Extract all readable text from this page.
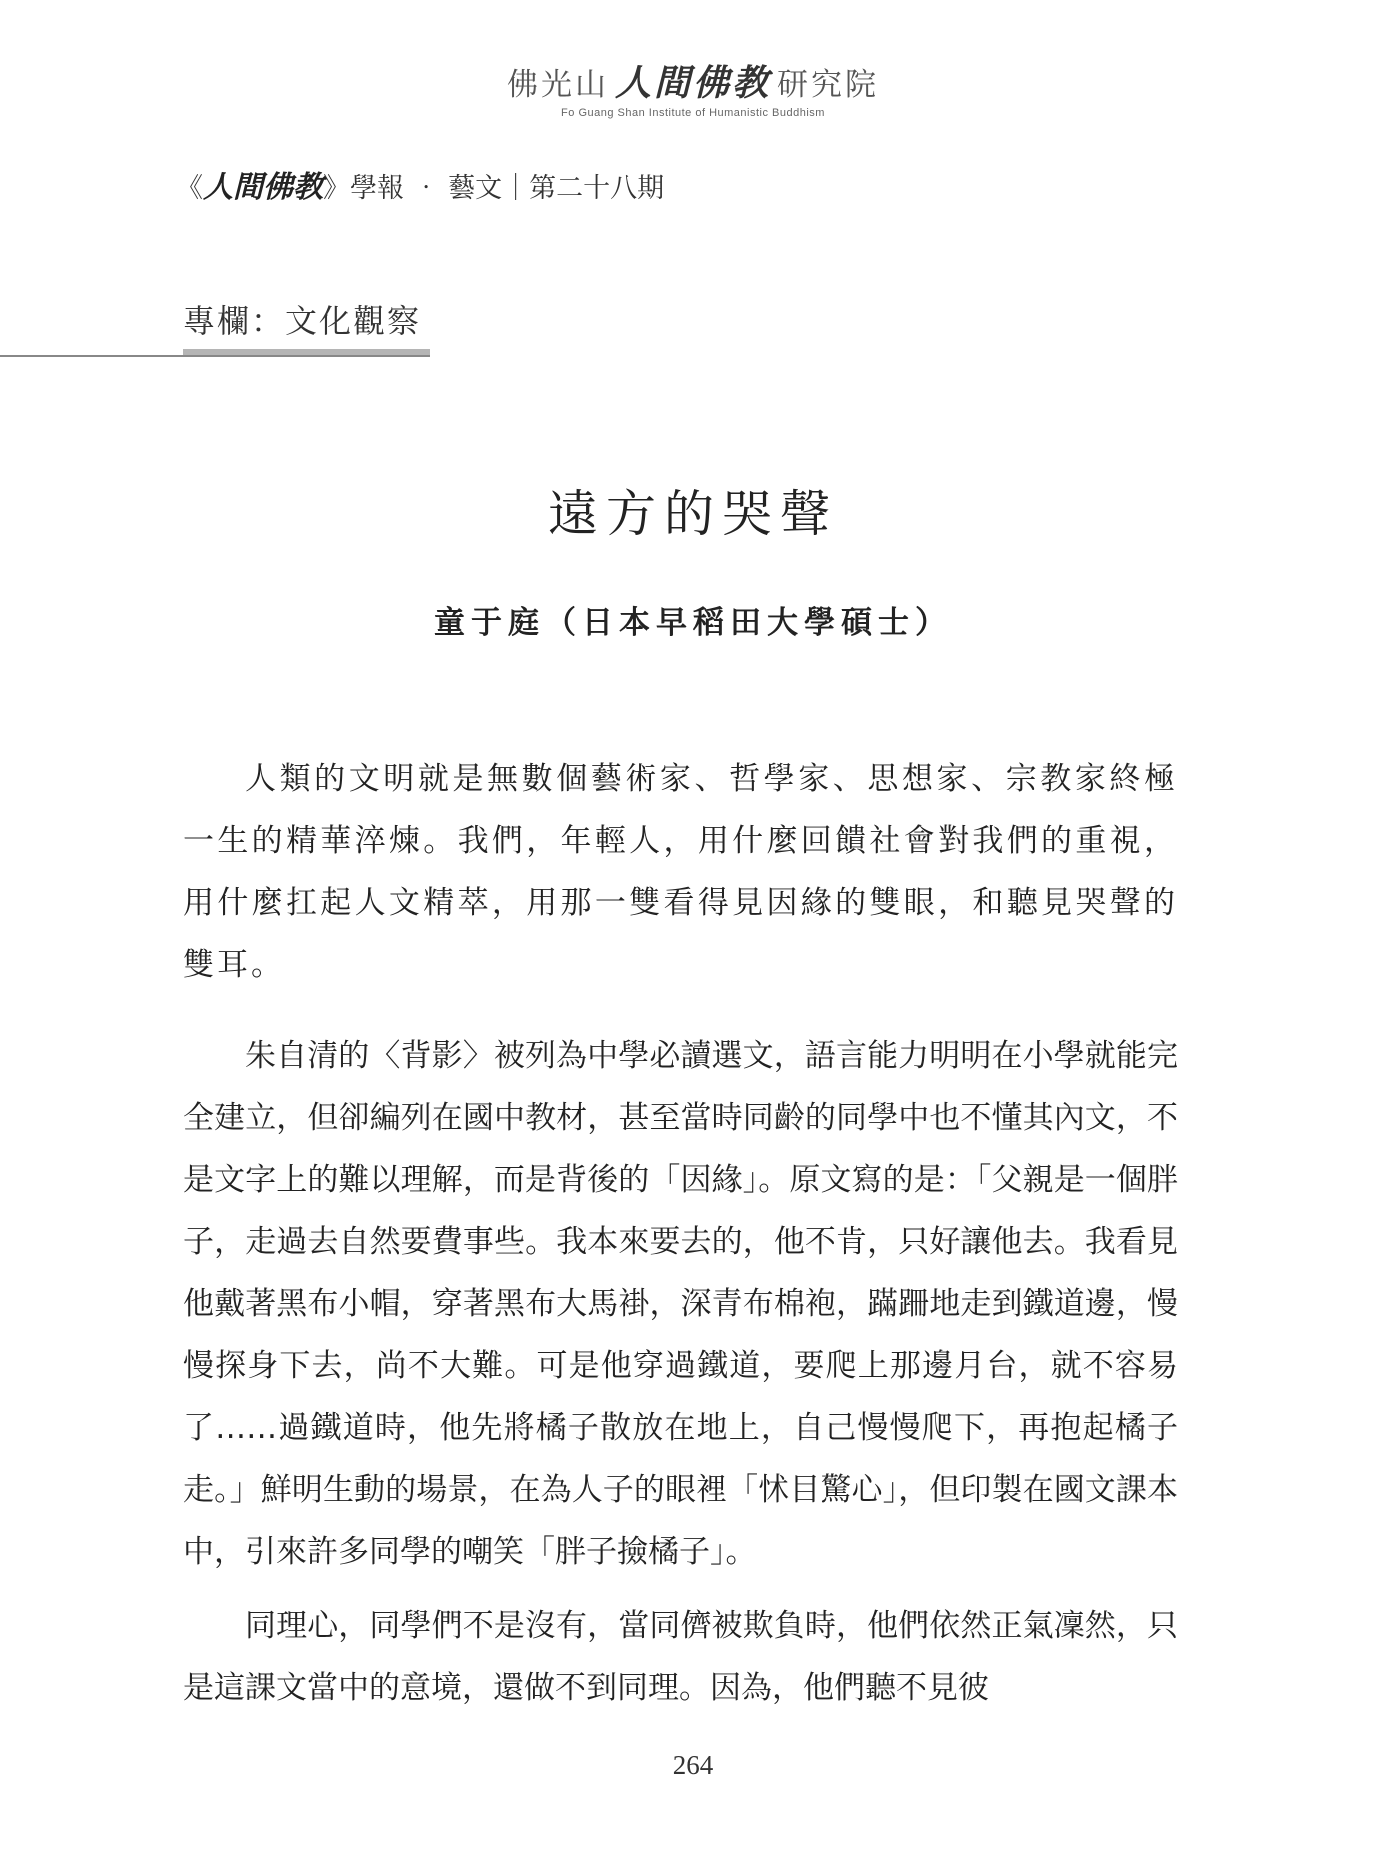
佛光山 人間佛教 研究院
Fo Guang Shan Institute of Humanistic Buddhism
《人間佛教》學報 ‧ 藝文｜第二十八期
專欄：文化觀察
遠方的哭聲
童于庭（日本早稻田大學碩士）

人類的文明就是無數個藝術家、哲學家、思想家、宗教家終極一生的精華淬煉。我們，年輕人，用什麼回饋社會對我們的重視，用什麼扛起人文精萃，用那一雙看得見因緣的雙眼，和聽見哭聲的雙耳。

朱自清的〈背影〉被列為中學必讀選文，語言能力明明在小學就能完全建立，但卻編列在國中教材，甚至當時同齡的同學中也不懂其內文，不是文字上的難以理解，而是背後的「因緣」。原文寫的是：「父親是一個胖子，走過去自然要費事些。我本來要去的，他不肯，只好讓他去。我看見他戴著黑布小帽，穿著黑布大馬褂，深青布棉袍，蹣跚地走到鐵道邊，慢慢探身下去，尚不大難。可是他穿過鐵道，要爬上那邊月台，就不容易了……過鐵道時，他先將橘子散放在地上，自己慢慢爬下，再抱起橘子走。」鮮明生動的場景，在為人子的眼裡「怵目驚心」，但印製在國文課本中，引來許多同學的嘲笑「胖子撿橘子」。

同理心，同學們不是沒有，當同儕被欺負時，他們依然正氣凜然，只是這課文當中的意境，還做不到同理。因為，他們聽不見彼

264
